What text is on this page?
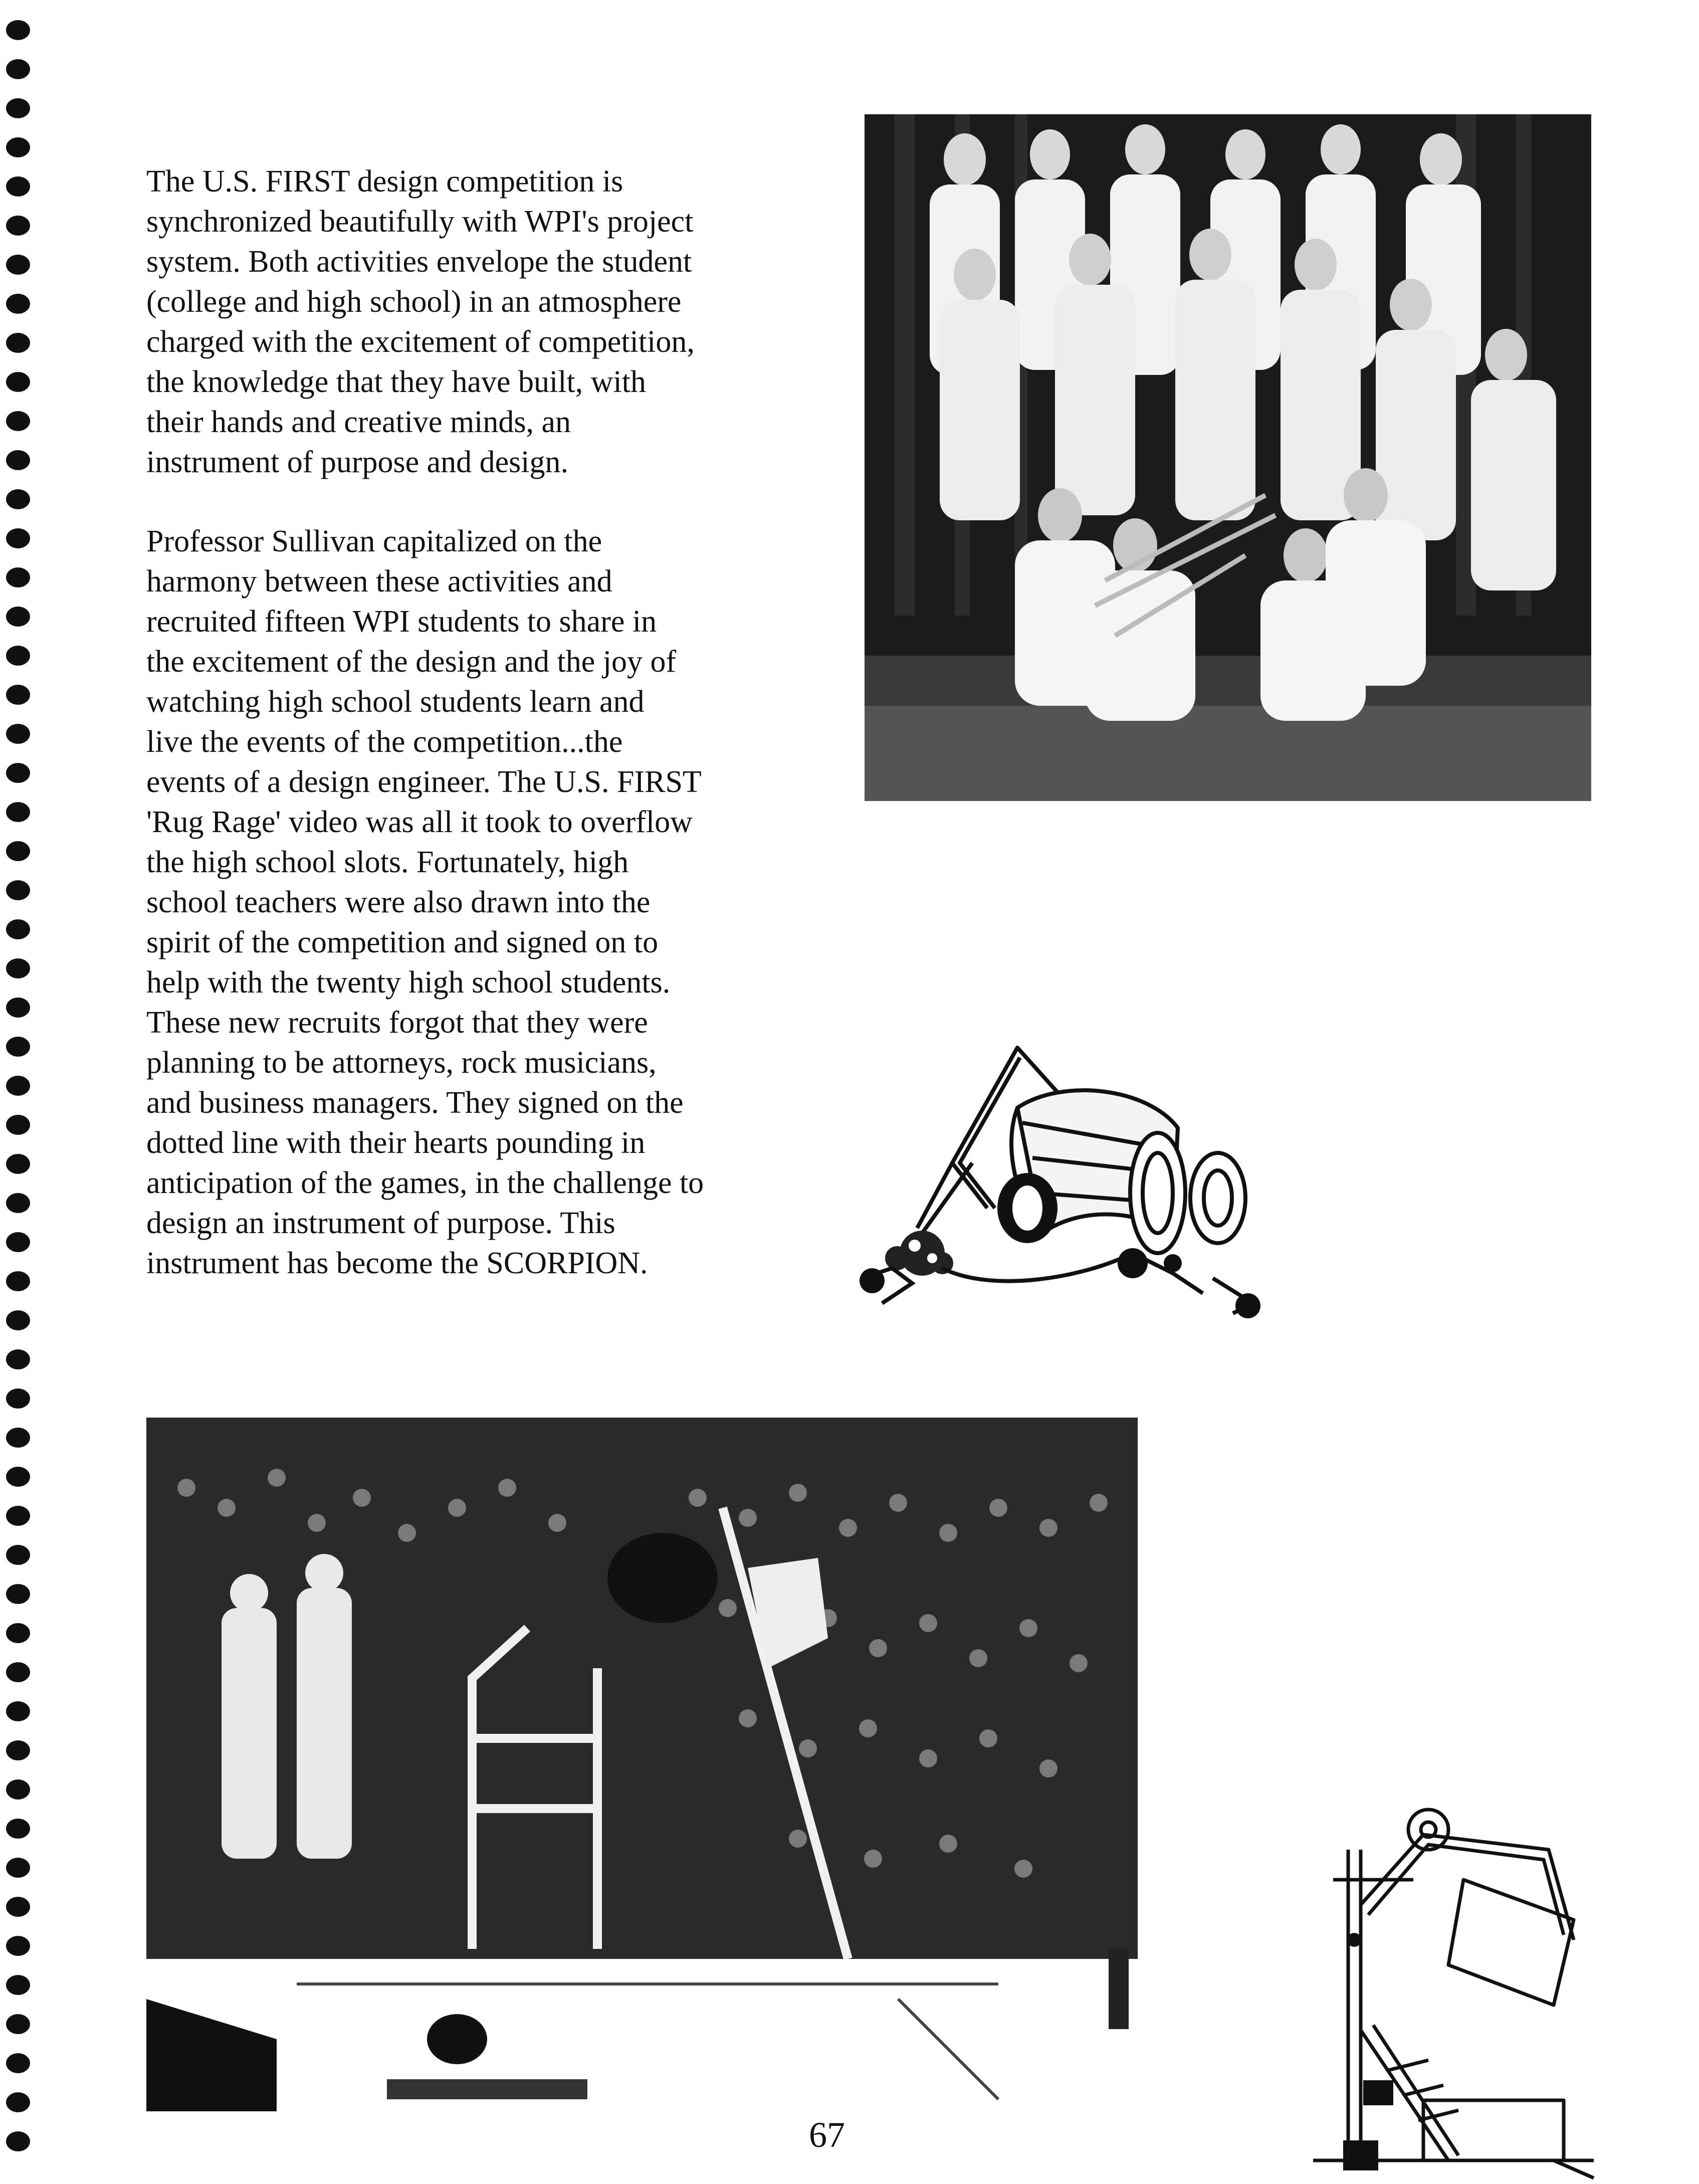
The U.S. FIRST design competition is
synchronized beautifully with WPI's project
system. Both activities envelope the student
(college and high school) in an atmosphere
charged with the excitement of competition,
the knowledge that they have built, with
their hands and creative minds, an
instrument of purpose and design.
Professor Sullivan capitalized on the
harmony between these activities and
recruited fifteen WPI students to share in
the excitement of the design and the joy of
watching high school students learn and
live the events of the competition...the
events of a design engineer. The U.S. FIRST
'Rug Rage' video was all it took to overflow
the high school slots. Fortunately, high
school teachers were also drawn into the
spirit of the competition and signed on to
help with the twenty high school students.
These new recruits forgot that they were
planning to be attorneys, rock musicians,
and business managers. They signed on the
dotted line with their hearts pounding in
anticipation of the games, in the challenge to
design an instrument of purpose. This
instrument has become the SCORPION.
67
